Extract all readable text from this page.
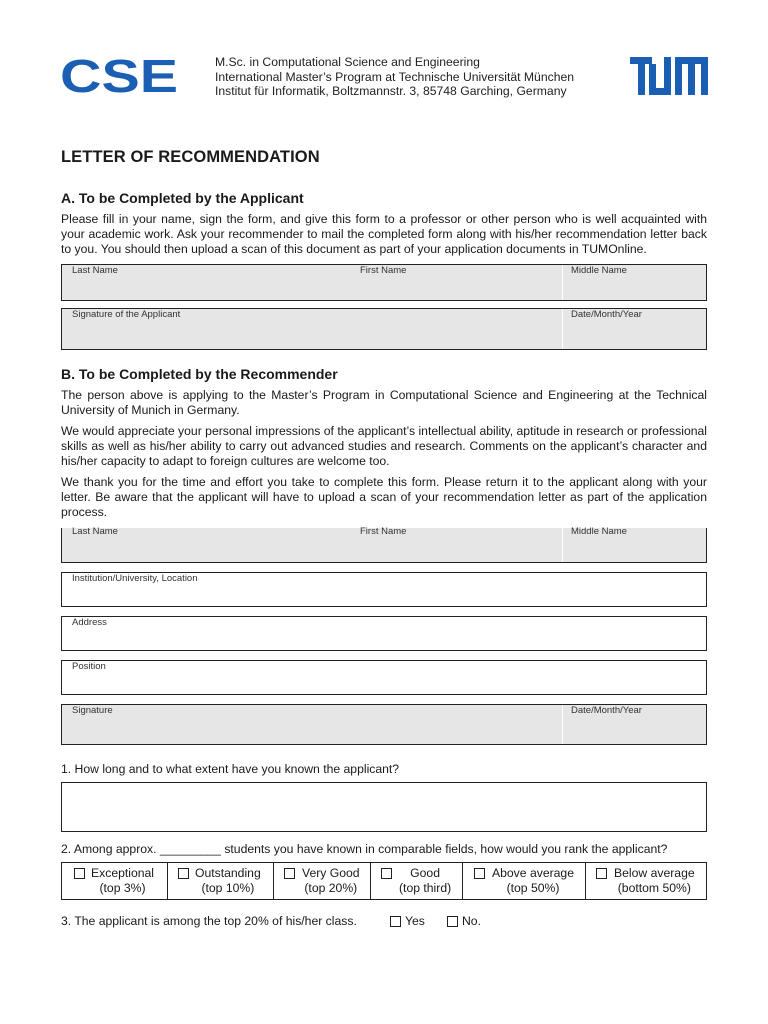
CSE	M.Sc. in Computational Science and Engineering
International Master’s Program at Technische Universität München
Institut für Informatik, Boltzmannstr. 3, 85748 Garching, Germany
LETTER OF RECOMMENDATION
A. To be Completed by the Applicant
Please fill in your name, sign the form, and give this form to a professor or other person who is well acquainted with your academic work. Ask your recommender to mail the completed form along with his/her recommendation letter back to you. You should then upload a scan of this document as part of your application documents in TUMOnline.
Last Name	First Name	Middle Name
Signature of the Applicant	Date/Month/Year
B. To be Completed by the Recommender
The person above is applying to the Master’s Program in Computational Science and Engineering at the Technical University of Munich in Germany.
We would appreciate your personal impressions of the applicant’s intellectual ability, aptitude in research or professional skills as well as his/her ability to carry out advanced studies and research. Comments on the applicant’s character and his/her capacity to adapt to foreign cultures are welcome too.
We thank you for the time and effort you take to complete this form. Please return it to the applicant along with your letter. Be aware that the applicant will have to upload a scan of your recommendation letter as part of the application process.
Last Name	First Name	Middle Name
Institution/University, Location
Address
Position
Signature	Date/Month/Year
1. How long and to what extent have you known the applicant?
2. Among approx. _________ students you have known in comparable fields, how would you rank the applicant?
Exceptional
(top 3%)
Outstanding
(top 10%)
Very Good
(top 20%)
Good
(top third)
Above average
(top 50%)
Below average
(bottom 50%)
3. The applicant is among the top 20% of his/her class.	Yes	No.
